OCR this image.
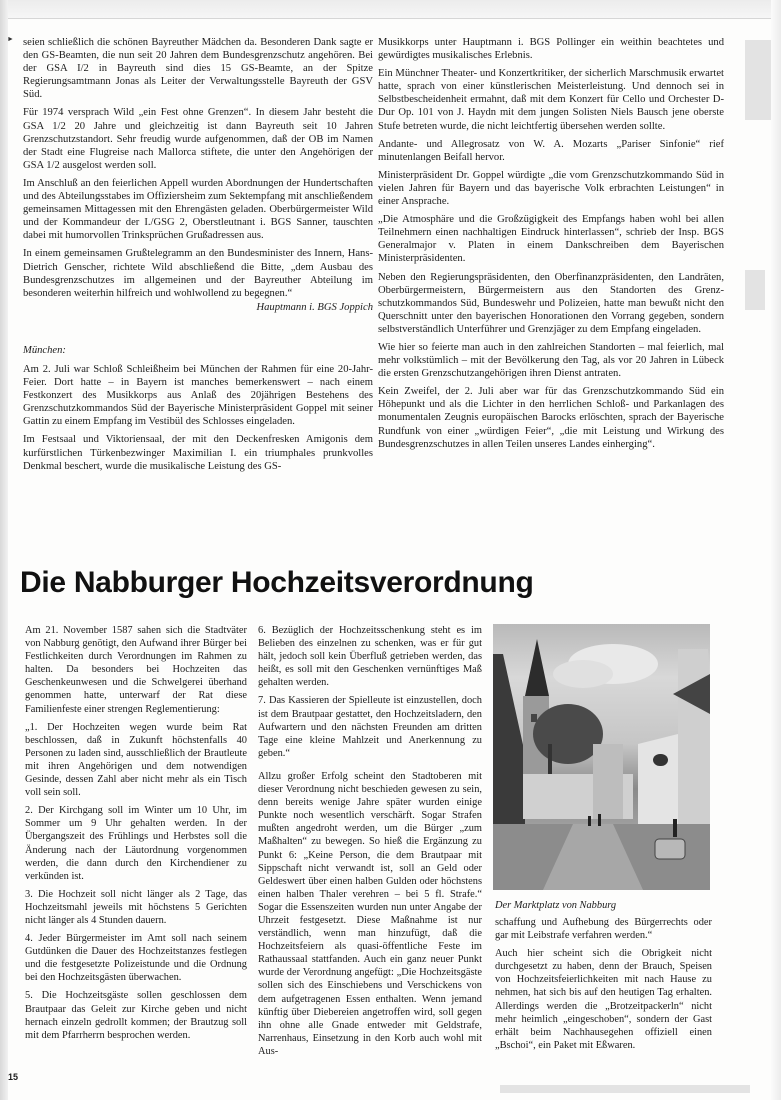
► seien schließlich die schönen Bayreuther Mädchen da. Besonderen Dank sagte er den GS-Beamten, die nun seit 20 Jahren dem Bundesgrenzschutz angehören. Bei der GSA I/2 in Bayreuth sind dies 15 GS-Beamte, an der Spitze Regierungsamtmann Jonas als Leiter der Verwaltungsstelle Bayreuth der GSV Süd.

Für 1974 versprach Wild „ein Fest ohne Grenzen“. In diesem Jahr besteht die GSA 1/2 20 Jahre und gleichzeitig ist dann Bayreuth seit 10 Jahren Grenzschutzstandort. Sehr freudig wurde aufgenommen, daß der OB im Namen der Stadt eine Flugreise nach Mallorca stiftete, die unter den Angehörigen der GSA 1/2 ausgelost werden soll.

Im Anschluß an den feierlichen Appell wurden Abordnungen der Hundertschaften und des Abteilungsstabes im Offiziersheim zum Sektempfang mit anschließendem gemeinsamen Mittagessen mit den Ehrengästen geladen. Oberbürgermeister Wild und der Kommandeur der I./GSG 2, Oberstleutnant i. BGS Sanner, tauschten dabei mit humorvollen Trinksprüchen Grußadressen aus.

In einem gemeinsamen Grußtelegramm an den Bundesminister des Innern, Hans-Dietrich Genscher, richtete Wild abschließend die Bitte, „dem Ausbau des Bundesgrenzschutzes im allgemeinen und der Bayreuther Abteilung im besonderen weiterhin hilfreich und wohlwollend zu begegnen.“

Hauptmann i. BGS Joppich

München:

Am 2. Juli war Schloß Schleißheim bei München der Rahmen für eine 20-Jahr-Feier. Dort hatte – in Bayern ist manches bemerkenswert – nach einem Festkonzert des Musikkorps aus Anlaß des 20jährigen Bestehens des Grenzschutzkommandos Süd der Bayerische Ministerpräsident Goppel mit seiner Gattin zu einem Empfang im Vestibül des Schlosses eingeladen.

Im Festsaal und Viktoriensaal, der mit den Deckenfresken Amigonis dem kurfürstlichen Türkenbezwinger Maximilian I. ein triumphales prunkvolles Denkmal beschert, wurde die musikalische Leistung des GS-

Musikkorps unter Hauptmann i. BGS Pollinger ein weithin beachtetes und gewürdigtes musikalisches Erlebnis.

Ein Münchner Theater- und Konzertkritiker, der sicherlich Marschmusik erwartet hatte, sprach von einer künstlerischen Meisterleistung. Und dennoch sei in Selbstbescheidenheit ermahnt, daß mit dem Konzert für Cello und Orchester D-Dur Op. 101 von J. Haydn mit dem jungen Solisten Niels Bausch jene oberste Stufe betreten wurde, die nicht leichtfertig übersehen werden sollte.

Andante- und Allegrosatz von W. A. Mozarts „Pariser Sinfonie“ rief minutenlangen Beifall hervor.

Ministerpräsident Dr. Goppel würdigte „die vom Grenzschutzkommando Süd in vielen Jahren für Bayern und das bayerische Volk erbrachten Leistungen“ in einer Ansprache.

„Die Atmosphäre und die Großzügigkeit des Empfangs haben wohl bei allen Teilnehmern einen nachhaltigen Eindruck hinterlassen“, schrieb der Insp. BGS Generalmajor v. Platen in einem Dankschreiben dem Bayerischen Ministerpräsidenten.

Neben den Regierungspräsidenten, den Oberfinanzpräsidenten, den Landräten, Oberbürgermeistern, Bürgermeistern aus den Standorten des Grenzschutzkommandos Süd, Bundeswehr und Polizeien, hatte man bewußt nicht den Querschnitt unter den bayerischen Honorationen den Vorrang gegeben, sondern selbstverständlich Unterführer und Grenzjäger zu dem Empfang eingeladen.

Wie hier so feierte man auch in den zahlreichen Standorten – mal feierlich, mal mehr volkstümlich – mit der Bevölkerung den Tag, als vor 20 Jahren in Lübeck die ersten Grenzschutzangehörigen ihren Dienst antraten.

Kein Zweifel, der 2. Juli aber war für das Grenzschutzkommando Süd ein Höhepunkt und als die Lichter in den herrlichen Schloß- und Parkanlagen des monumentalen Zeugnis europäischen Barocks erlöschten, sprach der Bayerische Rundfunk von einer „würdigen Feier“, „die mit Leistung und Wirkung des Bundesgrenzschutzes in allen Teilen unseres Landes einherging“.

Die Nabburger Hochzeitsverordnung

Am 21. November 1587 sahen sich die Stadtväter von Nabburg genötigt, den Aufwand ihrer Bürger bei Festlichkeiten durch Verordnungen im Rahmen zu halten. Da besonders bei Hochzeiten das Geschenkeunwesen und die Schwelgerei überhand genommen hatte, unterwarf der Rat diese Familienfeste einer strengen Reglementierung:

„1. Der Hochzeiten wegen wurde beim Rat beschlossen, daß in Zukunft höchstenfalls 40 Personen zu laden sind, ausschließlich der Brautleute mit ihren Angehörigen und dem notwendigen Gesinde, dessen Zahl aber nicht mehr als ein Tisch voll sein soll.

2. Der Kirchgang soll im Winter um 10 Uhr, im Sommer um 9 Uhr gehalten werden. In der Übergangszeit des Frühlings und Herbstes soll die Änderung nach der Läutordnung vorgenommen werden, die dann durch den Kirchendiener zu verkünden ist.

3. Die Hochzeit soll nicht länger als 2 Tage, das Hochzeitsmahl jeweils mit höchstens 5 Gerichten nicht länger als 4 Stunden dauern.

4. Jeder Bürgermeister im Amt soll nach seinem Gutdünken die Dauer des Hochzeitstanzes festlegen und die festgesetzte Polizeistunde und die Ordnung bei den Hochzeitsgästen überwachen.

5. Die Hochzeitsgäste sollen geschlossen dem Brautpaar das Geleit zur Kirche geben und nicht hernach einzeln gedrollt kommen; der Brautzug soll mit dem Pfarrherrn besprochen werden.

6. Bezüglich der Hochzeitsschenkung steht es im Belieben des einzelnen zu schenken, was er für gut hält, jedoch soll kein Überfluß getrieben werden, das heißt, es soll mit den Geschenken vernünftiges Maß gehalten werden.

7. Das Kassieren der Spielleute ist einzustellen, doch ist dem Brautpaar gestattet, den Hochzeitsladern, den Aufwartern und den nächsten Freunden am dritten Tage eine kleine Mahlzeit und Anerkennung zu geben.“

Allzu großer Erfolg scheint den Stadtoberen mit dieser Verordnung nicht beschieden gewesen zu sein, denn bereits wenige Jahre später wurden einige Punkte noch wesentlich verschärft. Sogar Strafen mußten angedroht werden, um die Bürger „zum Maßhalten“ zu bewegen. So hieß die Ergänzung zu Punkt 6: „Keine Person, die dem Brautpaar mit Sippschaft nicht verwandt ist, soll an Geld oder Geldeswert über einen halben Gulden oder höchstens einen halben Thaler verehren – bei 5 fl. Strafe.“ Sogar die Essenszeiten wurden nun unter Angabe der Uhrzeit festgesetzt. Diese Maßnahme ist nur verständlich, wenn man hinzufügt, daß die Hochzeitsfeiern als quasi-öffentliche Feste im Rathaussaal stattfanden. Auch ein ganz neuer Punkt wurde der Verordnung angefügt: „Die Hochzeitsgäste sollen sich des Einschiebens und Verschickens von dem aufgetragenen Essen enthalten. Wenn jemand künftig über Diebereien angetroffen wird, soll gegen ihn ohne alle Gnade entweder mit Geldstrafe, Narrenhaus, Einsetzung in den Korb auch wohl mit Aus-

Der Marktplatz von Nabburg

schaffung und Aufhebung des Bürgerrechts oder gar mit Leibstrafe verfahren werden.“

Auch hier scheint sich die Obrigkeit nicht durchgesetzt zu haben, denn der Brauch, Speisen von Hochzeitsfeierlichkeiten mit nach Hause zu nehmen, hat sich bis auf den heutigen Tag erhalten. Allerdings werden die „Brotzeitpackerln“ nicht mehr heimlich „eingeschoben“, sondern der Gast erhält beim Nachhausegehen offiziell einen „Bschoi“, ein Paket mit Eßwaren.

15
